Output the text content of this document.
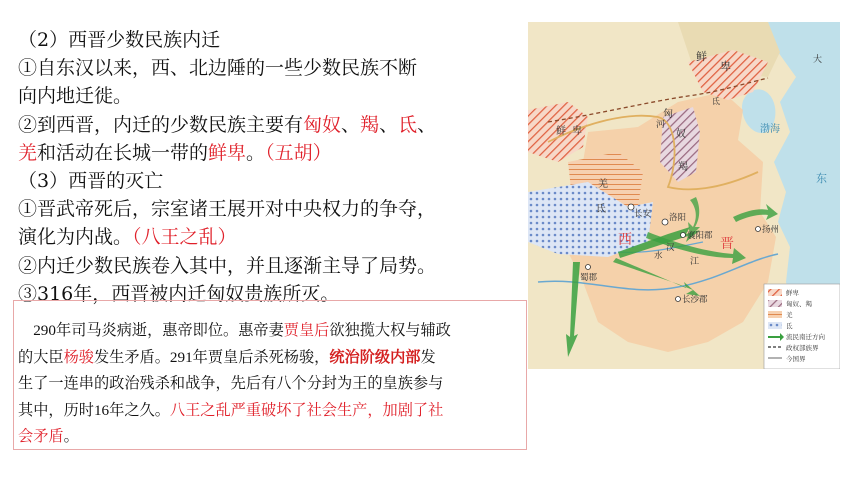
（2）西晋少数民族内迁
①自东汉以来，西、北边陲的一些少数民族不断
向内地迁徙。
②到西晋，内迁的少数民族主要有匈奴、羯、氐、
羌和活动在长城一带的鲜卑。（五胡）
（3）西晋的灭亡
①晋武帝死后，宗室诸王展开对中央权力的争夺，
演化为内战。（八王之乱）
②内迁少数民族卷入其中，并且逐渐主导了局势。
③316年，西晋被内迁匈奴贵族所灭。
　290年司马炎病逝，惠帝即位。惠帝妻贾皇后欲独揽大权与辅政
的大臣杨骏发生矛盾。291年贾皇后杀死杨骏，统治阶级内部发
生了一连串的政治残杀和战争，先后有八个分封为王的皇族参与
其中，历时16年之久。八王之乱严重破坏了社会生产，加剧了社
会矛盾。
鲜
卑
鲜 卑
匈
奴
羯
羌
氐
氐
河
洛阳
长安
襄阳郡
蜀郡
长沙郡
扬州
西	晋
渤海
东
江
大
汉
水
鲜卑
匈奴、羯
羌
氐
流民南迁方向
政权部族界
今国界
